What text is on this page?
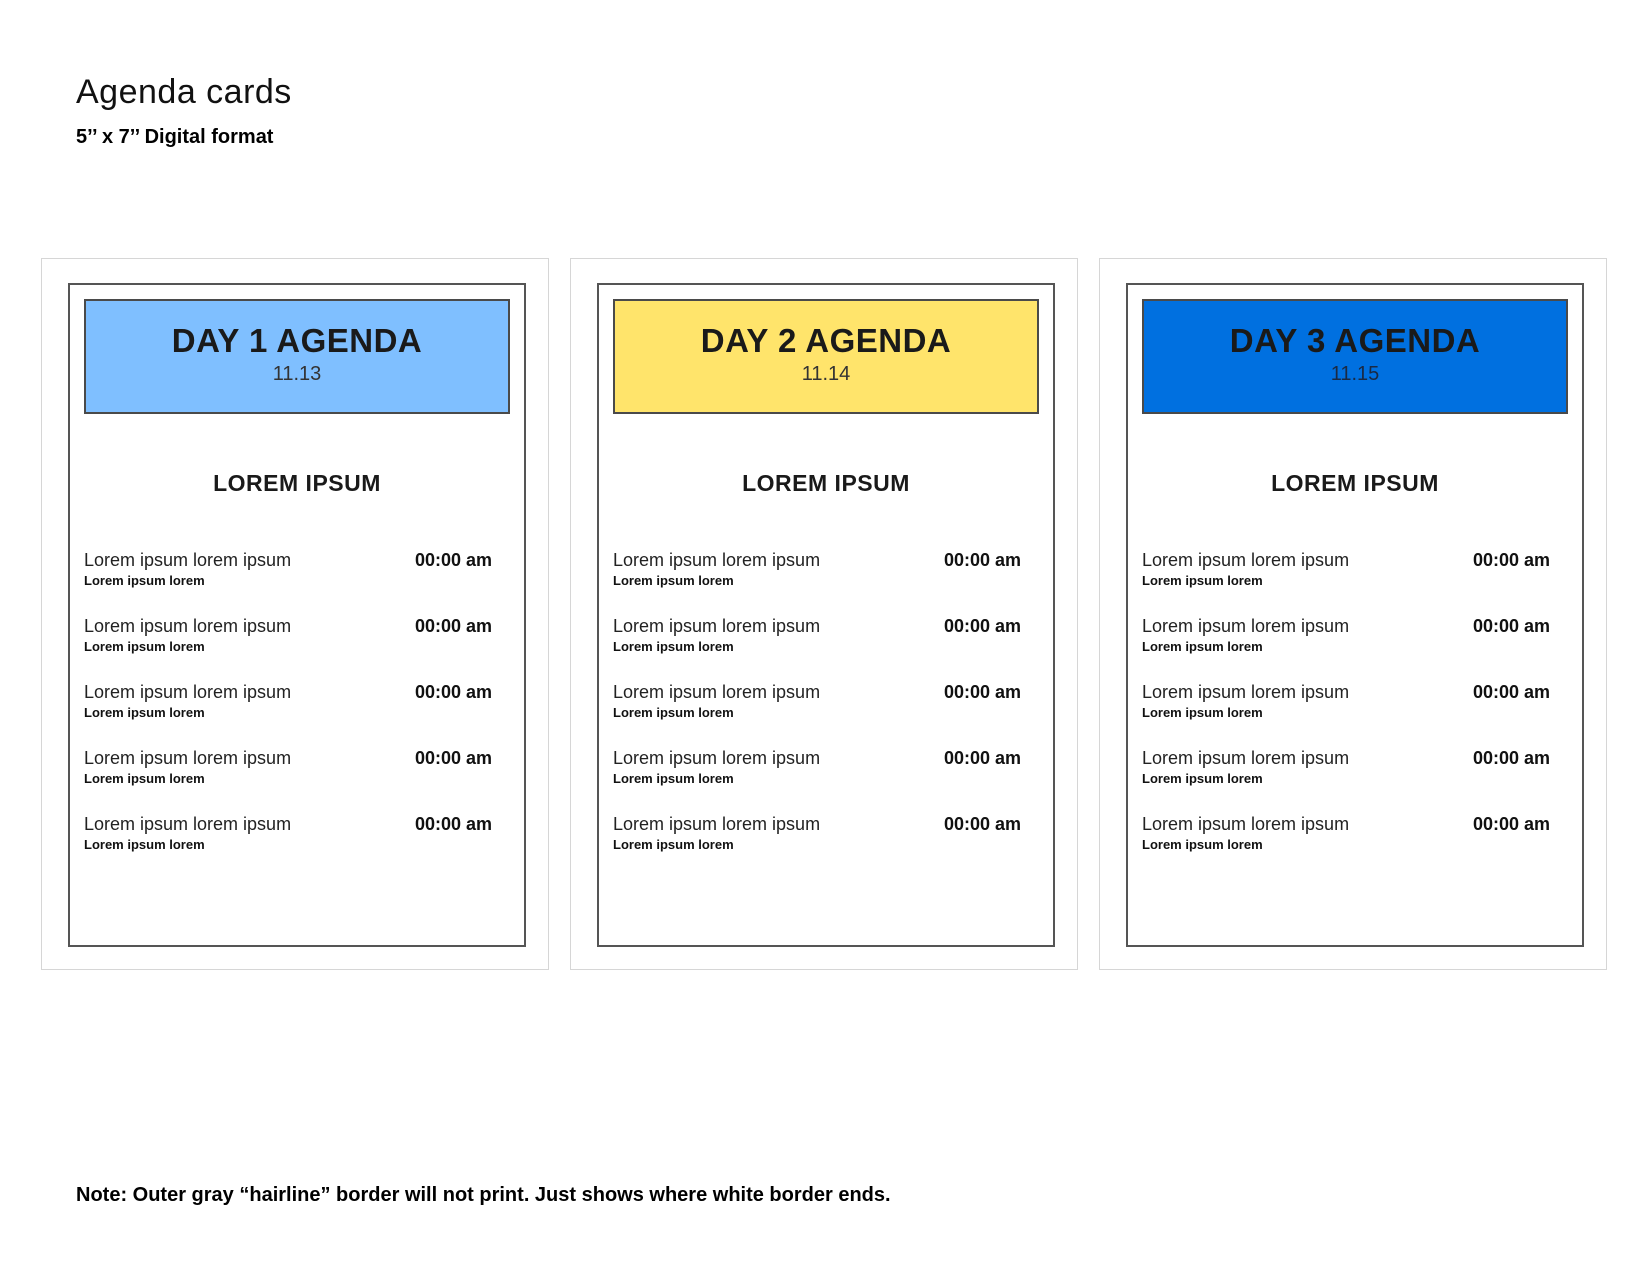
Agenda cards
5’’ x 7’’ Digital format
DAY 1 AGENDA
11.13
LOREM IPSUM
Lorem ipsum lorem ipsum
Lorem ipsum lorem
00:00 am
Lorem ipsum lorem ipsum
Lorem ipsum lorem
00:00 am
Lorem ipsum lorem ipsum
Lorem ipsum lorem
00:00 am
Lorem ipsum lorem ipsum
Lorem ipsum lorem
00:00 am
Lorem ipsum lorem ipsum
Lorem ipsum lorem
00:00 am
DAY 2 AGENDA
11.14
LOREM IPSUM
Lorem ipsum lorem ipsum
Lorem ipsum lorem
00:00 am
Lorem ipsum lorem ipsum
Lorem ipsum lorem
00:00 am
Lorem ipsum lorem ipsum
Lorem ipsum lorem
00:00 am
Lorem ipsum lorem ipsum
Lorem ipsum lorem
00:00 am
Lorem ipsum lorem ipsum
Lorem ipsum lorem
00:00 am
DAY 3 AGENDA
11.15
LOREM IPSUM
Lorem ipsum lorem ipsum
Lorem ipsum lorem
00:00 am
Lorem ipsum lorem ipsum
Lorem ipsum lorem
00:00 am
Lorem ipsum lorem ipsum
Lorem ipsum lorem
00:00 am
Lorem ipsum lorem ipsum
Lorem ipsum lorem
00:00 am
Lorem ipsum lorem ipsum
Lorem ipsum lorem
00:00 am
Note: Outer gray “hairline” border will not print. Just shows where white border ends.
